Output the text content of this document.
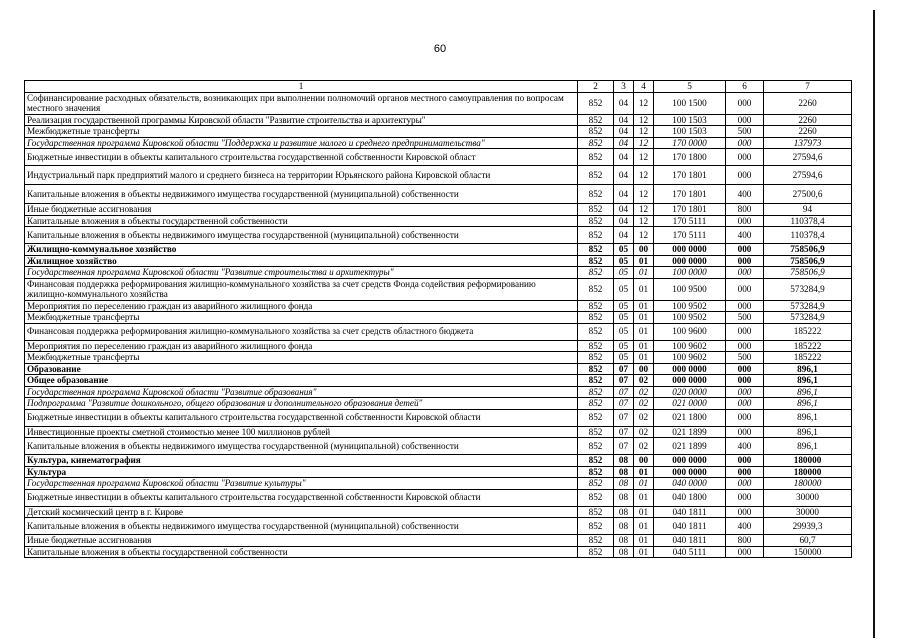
60
1	2	3	4	5	6	7
Софинансирование расходных обязательств, возникающих при выполнении полномочий органов местного самоуправления по вопросам местного значения	852	04	12	100 1500	000	2260
Реализация государственной программы Кировской области "Развитие строительства и архитектуры"	852	04	12	100 1503	000	2260
Межбюджетные трансферты	852	04	12	100 1503	500	2260
Государственная программа Кировской области "Поддержка и развитие малого и среднего предпринимательства"	852	04	12	170 0000	000	137973
Бюджетные инвестиции в объекты капитального строительства государственной собственности Кировской област	852	04	12	170 1800	000	27594,6
Индустриальный парк предприятий малого и среднего бизнеса на территории Юрьянского района Кировской области	852	04	12	170 1801	000	27594,6
Капитальные вложения в объекты недвижимого имущества государственной (муниципальной) собственности	852	04	12	170 1801	400	27500,6
Иные бюджетные ассигнования	852	04	12	170 1801	800	94
Капитальные вложения в объекты государственной собственности	852	04	12	170 5111	000	110378,4
Капитальные вложения в объекты недвижимого имущества государственной (муниципальной) собственности	852	04	12	170 5111	400	110378,4
Жилищно-коммунальное хозяйство	852	05	00	000 0000	000	758506,9
Жилищное хозяйство	852	05	01	000 0000	000	758506,9
Государственная программа Кировской области "Развитие строительства и архитектуры"	852	05	01	100 0000	000	758506,9
Финансовая поддержка реформирования жилищно-коммунального хозяйства за счет средств Фонда содействия реформированию жилищно-коммунального хозяйства	852	05	01	100 9500	000	573284,9
Мероприятия по переселению граждан из аварийного жилищного фонда	852	05	01	100 9502	000	573284,9
Межбюджетные трансферты	852	05	01	100 9502	500	573284,9
Финансовая поддержка реформирования жилищно-коммунального хозяйства за счет средств областного бюджета	852	05	01	100 9600	000	185222
Мероприятия по переселению граждан из аварийного жилищного фонда	852	05	01	100 9602	000	185222
Межбюджетные трансферты	852	05	01	100 9602	500	185222
Образование	852	07	00	000 0000	000	896,1
Общее образование	852	07	02	000 0000	000	896,1
Государственная программа Кировской области "Развитие образования"	852	07	02	020 0000	000	896,1
Подпрограмма "Развитие дошкольного, общего образования и дополнительного образования детей"	852	07	02	021 0000	000	896,1
Бюджетные инвестиции в объекты капитального строительства государственной собственности Кировской области	852	07	02	021 1800	000	896,1
Инвестиционные проекты сметной стоимостью менее 100 миллионов рублей	852	07	02	021 1899	000	896,1
Капитальные вложения в объекты недвижимого имущества государственной (муниципальной) собственности	852	07	02	021 1899	400	896,1
Культура, кинематография	852	08	00	000 0000	000	180000
Культура	852	08	01	000 0000	000	180000
Государственная программа Кировской области "Развитие культуры"	852	08	01	040 0000	000	180000
Бюджетные инвестиции в объекты капитального строительства государственной собственности Кировской области	852	08	01	040 1800	000	30000
Детский космический центр в г. Кирове	852	08	01	040 1811	000	30000
Капитальные вложения в объекты недвижимого имущества государственной (муниципальной) собственности	852	08	01	040 1811	400	29939,3
Иные бюджетные ассигнования	852	08	01	040 1811	800	60,7
Капитальные вложения в объекты государственной собственности	852	08	01	040 5111	000	150000
